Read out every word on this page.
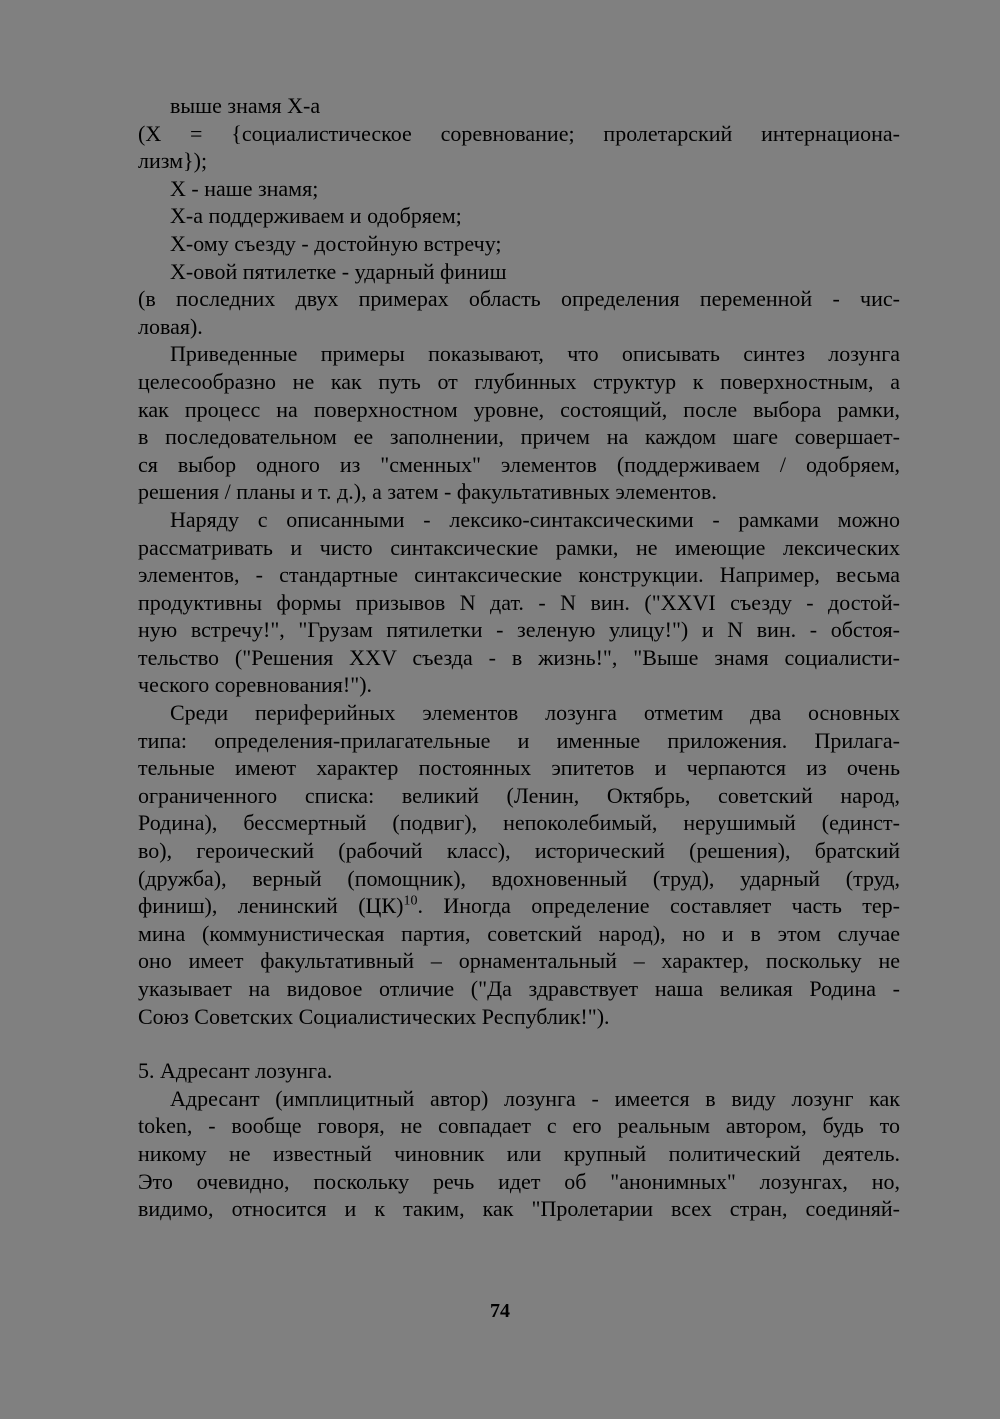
выше знамя Х-а
(X = {социалистическое соревнование; пролетарский интернациона-
лизм});
X - наше знамя;
Х-а поддерживаем и одобряем;
Х-ому съезду - достойную встречу;
Х-овой пятилетке - ударный финиш
(в последних двух примерах область определения переменной - чис-
ловая).
Приведенные примеры показывают, что описывать синтез лозунга
целесообразно не как путь от глубинных структур к поверхностным, а
как процесс на поверхностном уровне, состоящий, после выбора рамки,
в последовательном ее заполнении, причем на каждом шаге совершает-
ся выбор одного из "сменных" элементов (поддерживаем / одобряем,
решения / планы и т. д.), а затем - факультативных элементов.
Наряду с описанными - лексико-синтаксическими - рамками можно
рассматривать и чисто синтаксические рамки, не имеющие лексических
элементов, - стандартные синтаксические конструкции. Например, весьма
продуктивны формы призывов N дат. - N вин. ("XXVI съезду - достой-
ную встречу!", "Грузам пятилетки - зеленую улицу!") и N вин. - обстоя-
тельство ("Решения XXV съезда - в жизнь!", "Выше знамя социалисти-
ческого соревнования!").
Среди периферийных элементов лозунга отметим два основных
типа: определения-прилагательные и именные приложения. Прилага-
тельные имеют характер постоянных эпитетов и черпаются из очень
ограниченного списка: великий (Ленин, Октябрь, советский народ,
Родина), бессмертный (подвиг), непоколебимый, нерушимый (единст-
во), героический (рабочий класс), исторический (решения), братский
(дружба), верный (помощник), вдохновенный (труд), ударный (труд,
финиш), ленинский (ЦК)$^{10}$. Иногда определение составляет часть тер-
мина (коммунистическая партия, советский народ), но и в этом случае
оно имеет факультативный – орнаментальный – характер, поскольку не
указывает на видовое отличие ("Да здравствует наша великая Родина -
Союз Советских Социалистических Республик!").
5. Адресант лозунга.
Адресант (имплицитный автор) лозунга - имеется в виду лозунг как
token, - вообще говоря, не совпадает с его реальным автором, будь то
никому не известный чиновник или крупный политический деятель.
Это очевидно, поскольку речь идет об "анонимных" лозунгах, но,
видимо, относится и к таким, как "Пролетарии всех стран, соединяй-
74
